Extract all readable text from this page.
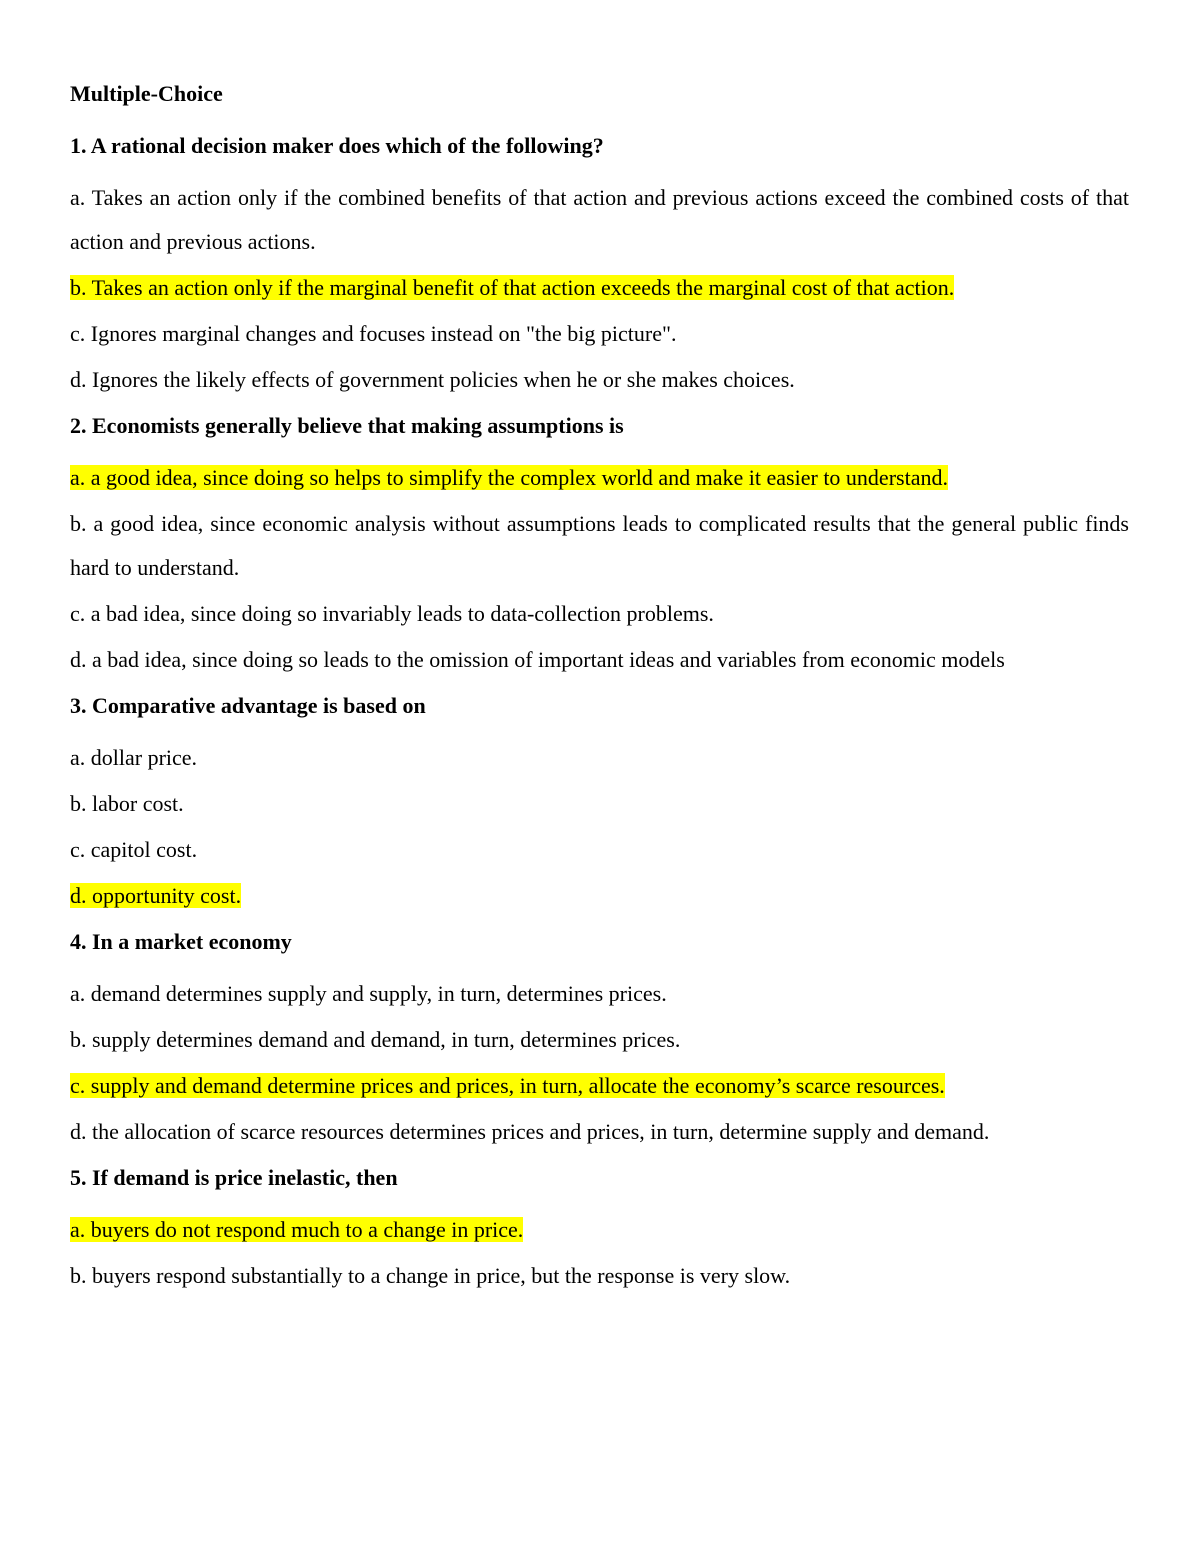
Multiple-Choice
1. A rational decision maker does which of the following?
a. Takes an action only if the combined benefits of that action and previous actions exceed the combined costs of that action and previous actions.
b. Takes an action only if the marginal benefit of that action exceeds the marginal cost of that action.
c. Ignores marginal changes and focuses instead on "the big picture".
d. Ignores the likely effects of government policies when he or she makes choices.
2. Economists generally believe that making assumptions is
a. a good idea, since doing so helps to simplify the complex world and make it easier to understand.
b. a good idea, since economic analysis without assumptions leads to complicated results that the general public finds hard to understand.
c. a bad idea, since doing so invariably leads to data-collection problems.
d. a bad idea, since doing so leads to the omission of important ideas and variables from economic models
3. Comparative advantage is based on
a. dollar price.
b. labor cost.
c. capitol cost.
d. opportunity cost.
4. In a market economy
a. demand determines supply and supply, in turn, determines prices.
b. supply determines demand and demand, in turn, determines prices.
c. supply and demand determine prices and prices, in turn, allocate the economy’s scarce resources.
d. the allocation of scarce resources determines prices and prices, in turn, determine supply and demand.
5. If demand is price inelastic, then
a. buyers do not respond much to a change in price.
b. buyers respond substantially to a change in price, but the response is very slow.
